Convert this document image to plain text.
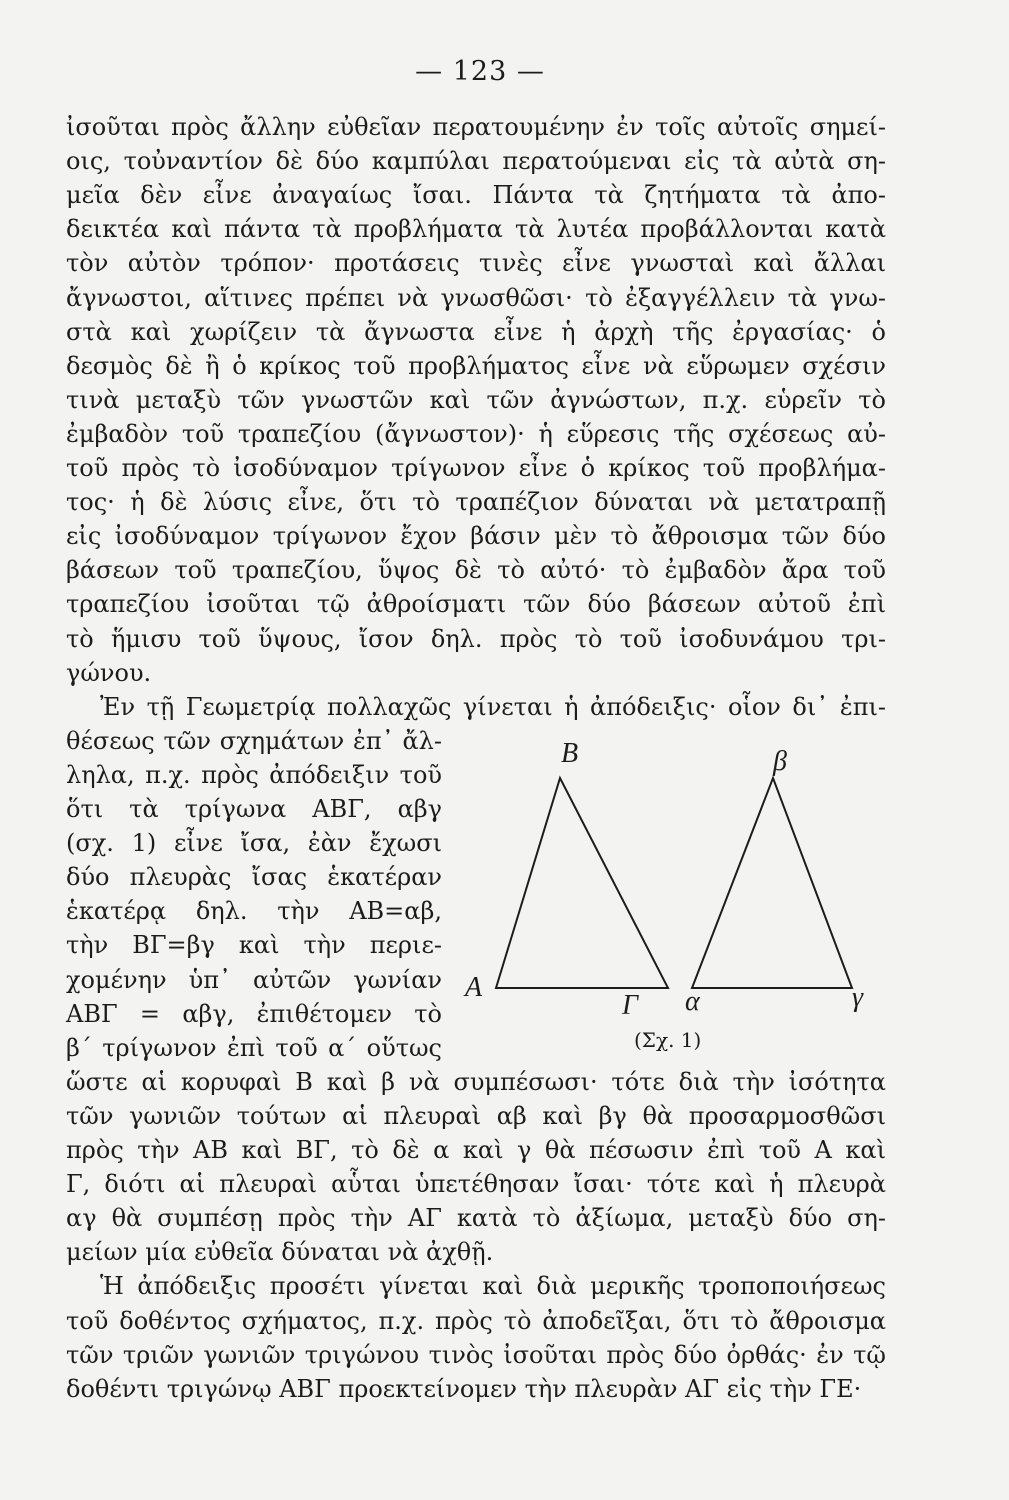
— 123 —
ἰσοῦται πρὸς ἄλλην εὐθεῖαν περατουμένην ἐν τοῖς αὐτοῖς σημεί-
οις, τοὐναντίον δὲ δύο καμπύλαι περατούμεναι εἰς τὰ αὐτὰ ση-
μεῖα δὲν εἶνε ἀναγαίως ἴσαι. Πάντα τὰ ζητήματα τὰ ἀπο-
δεικτέα καὶ πάντα τὰ προβλήματα τὰ λυτέα προβάλλονται κατὰ
τὸν αὐτὸν τρόπον· προτάσεις τινὲς εἶνε γνωσταὶ καὶ ἄλλαι
ἄγνωστοι, αἵτινες πρέπει νὰ γνωσθῶσι· τὸ ἐξαγγέλλειν τὰ γνω-
στὰ καὶ χωρίζειν τὰ ἄγνωστα εἶνε ἡ ἀρχὴ τῆς ἐργασίας· ὁ
δεσμὸς δὲ ἢ ὁ κρίκος τοῦ προβλήματος εἶνε νὰ εὕρωμεν σχέσιν
τινὰ μεταξὺ τῶν γνωστῶν καὶ τῶν ἀγνώστων, π.χ. εὑρεῖν τὸ
ἐμβαδὸν τοῦ τραπεζίου (ἄγνωστον)· ἡ εὕρεσις τῆς σχέσεως αὐ-
τοῦ πρὸς τὸ ἰσοδύναμον τρίγωνον εἶνε ὁ κρίκος τοῦ προβλήμα-
τος· ἡ δὲ λύσις εἶνε, ὅτι τὸ τραπέζιον δύναται νὰ μετατραπῇ
εἰς ἰσοδύναμον τρίγωνον ἔχον βάσιν μὲν τὸ ἄθροισμα τῶν δύο
βάσεων τοῦ τραπεζίου, ὕψος δὲ τὸ αὐτό· τὸ ἐμβαδὸν ἄρα τοῦ
τραπεζίου ἰσοῦται τῷ ἀθροίσματι τῶν δύο βάσεων αὐτοῦ ἐπὶ
τὸ ἥμισυ τοῦ ὕψους, ἴσον δηλ. πρὸς τὸ τοῦ ἰσοδυνάμου τρι-
γώνου.
Ἐν τῇ Γεωμετρίᾳ πολλαχῶς γίνεται ἡ ἀπόδειξις· οἷον δι᾽ ἐπι-
θέσεως τῶν σχημάτων ἐπ᾽ ἄλ-
ληλα, π.χ. πρὸς ἀπόδειξιν τοῦ
ὅτι τὰ τρίγωνα ΑΒΓ, αβγ
(σχ. 1) εἶνε ἴσα, ἐὰν ἔχωσι
δύο πλευρὰς ἴσας ἑκατέραν
ἑκατέρᾳ δηλ. τὴν ΑΒ=αβ,
τὴν ΒΓ=βγ καὶ τὴν περιε-
χομένην ὑπ᾽ αὐτῶν γωνίαν
ΑΒΓ = αβγ, ἐπιθέτομεν τὸ
β΄ τρίγωνον ἐπὶ τοῦ α΄ οὕτως
ὥστε αἱ κορυφαὶ Β καὶ β νὰ συμπέσωσι· τότε διὰ τὴν ἰσότητα
τῶν γωνιῶν τούτων αἱ πλευραὶ αβ καὶ βγ θὰ προσαρμοσθῶσι
πρὸς τὴν ΑΒ καὶ ΒΓ, τὸ δὲ α καὶ γ θὰ πέσωσιν ἐπὶ τοῦ Α καὶ
Γ, διότι αἱ πλευραὶ αὗται ὑπετέθησαν ἴσαι· τότε καὶ ἡ πλευρὰ
αγ θὰ συμπέσῃ πρὸς τὴν ΑΓ κατὰ τὸ ἀξίωμα, μεταξὺ δύο ση-
μείων μία εὐθεῖα δύναται νὰ ἀχθῇ.
Ἡ ἀπόδειξις προσέτι γίνεται καὶ διὰ μερικῆς τροποποιήσεως
τοῦ δοθέντος σχήματος, π.χ. πρὸς τὸ ἀποδεῖξαι, ὅτι τὸ ἄθροισμα
τῶν τριῶν γωνιῶν τριγώνου τινὸς ἰσοῦται πρὸς δύο ὀρθάς· ἐν τῷ
δοθέντι τριγώνῳ ΑΒΓ προεκτείνομεν τὴν πλευρὰν ΑΓ εἰς τὴν ΓΕ·
B	β
A
Γ α	γ
(Σχ. 1)
